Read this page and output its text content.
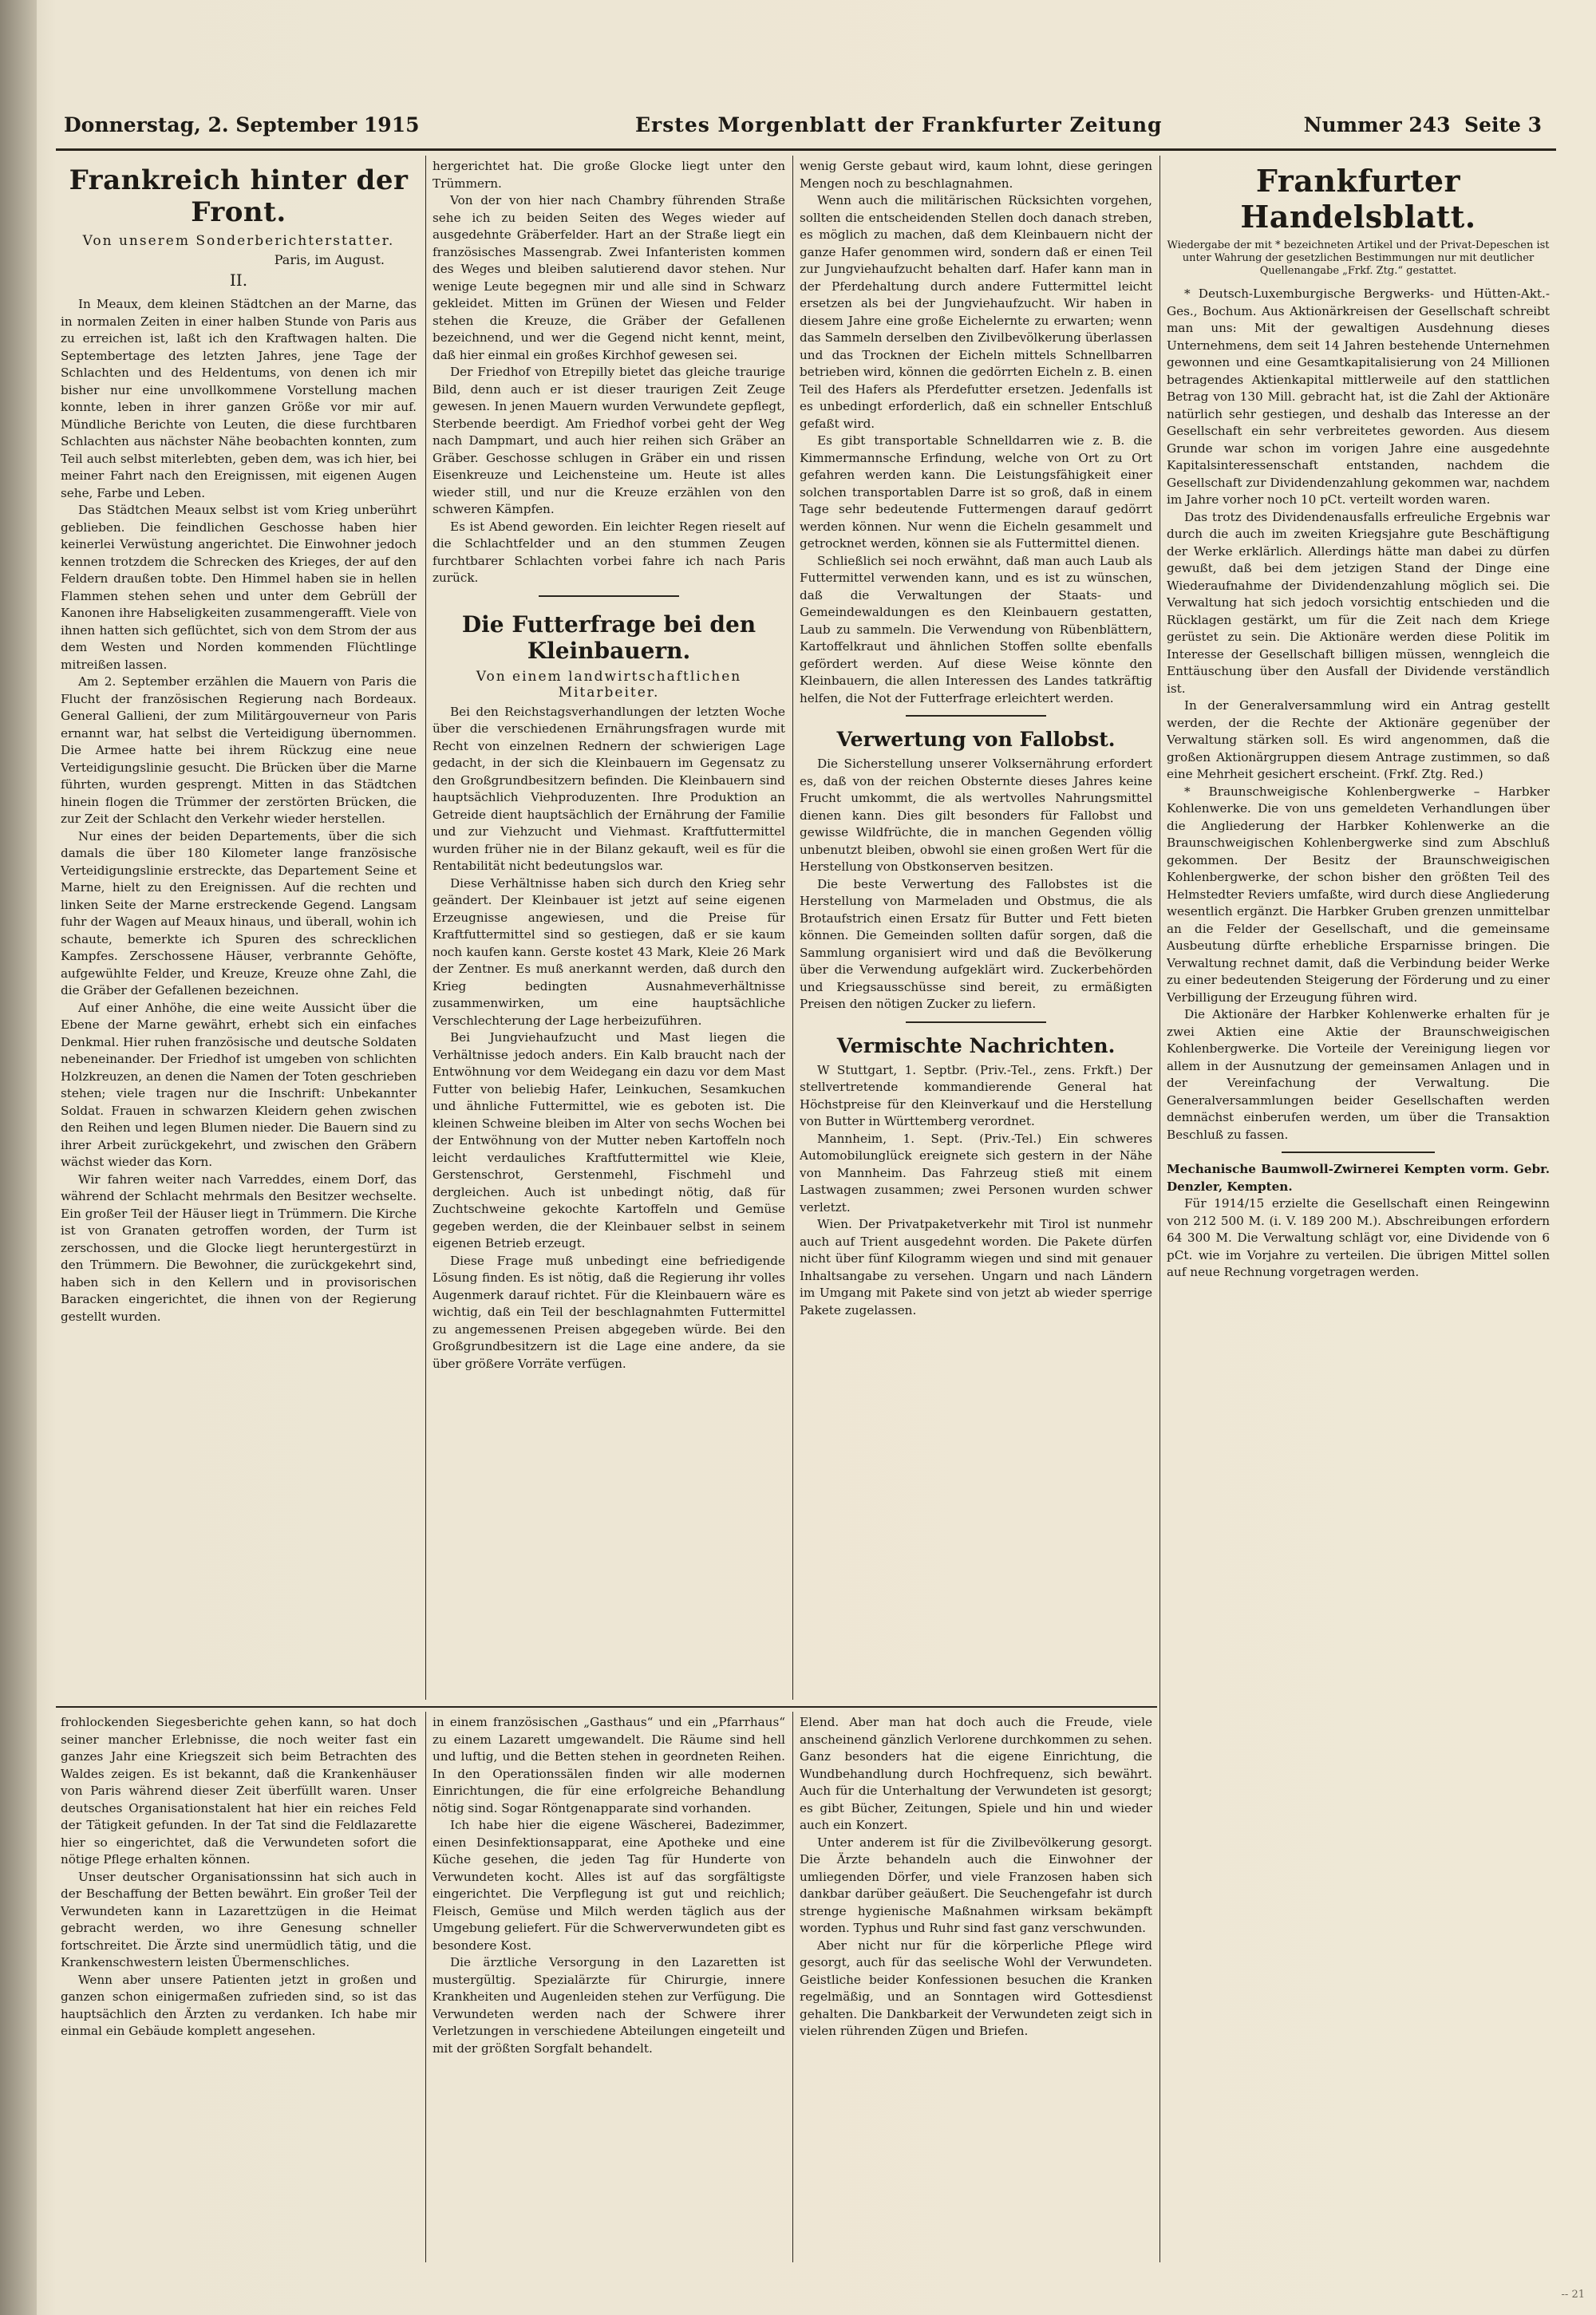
Donnerstag, 2. September 1915	Erstes Morgenblatt der Frankfurter Zeitung	Nummer 243 Seite 3
Frankreich hinter der Front.
Von unserem Sonderberichterstatter.
Paris, im August.
II.

In Meaux, dem kleinen Städtchen an der Marne, das in normalen Zeiten in einer halben Stunde von Paris aus zu erreichen ist, laßt ich den Kraftwagen halten. Die Septembertage des letzten Jahres, jene Tage der Schlachten und des Heldentums, von denen ich mir bisher nur eine unvollkommene Vorstellung machen konnte, leben in ihrer ganzen Größe vor mir auf. Mündliche Berichte von Leuten, die diese furchtbaren Schlachten aus nächster Nähe beobachten konnten, zum Teil auch selbst miterlebten, geben dem, was ich hier, bei meiner Fahrt nach den Ereignissen, mit eigenen Augen sehe, Farbe und Leben.

Das Städtchen Meaux selbst ist vom Krieg unberührt geblieben. Die feindlichen Geschosse haben hier keinerlei Verwüstung angerichtet. Die Einwohner jedoch kennen trotzdem die Schrecken des Krieges, der auf den Feldern draußen tobte. Den Himmel haben sie in hellen Flammen stehen sehen und unter dem Gebrüll der Kanonen ihre Habseligkeiten zusammengerafft. Viele von ihnen hatten sich geflüchtet, sich von dem Strom der aus dem Westen und Norden kommenden Flüchtlinge mitreißen lassen.

Am 2. September erzählen die Mauern von Paris die Flucht der französischen Regierung nach Bordeaux. General Gallieni, der zum Militärgouverneur von Paris ernannt war, hat selbst die Verteidigung übernommen. Die Armee hatte bei ihrem Rückzug eine neue Verteidigungslinie gesucht. Die Brücken über die Marne führten, wurden gesprengt. Mitten in das Städtchen hinein flogen die Trümmer der zerstörten Brücken, die zur Zeit der Schlacht den Verkehr wieder herstellen.

Nur eines der beiden Departements, über die sich damals die über 180 Kilometer lange französische Verteidigungslinie erstreckte, das Departement Seine et Marne, hielt zu den Ereignissen. Auf die rechten und linken Seite der Marne erstreckende Gegend. Langsam fuhr der Wagen auf Meaux hinaus, und überall, wohin ich schaute, bemerkte ich Spuren des schrecklichen Kampfes. Zerschossene Häuser, verbrannte Gehöfte, aufgewühlte Felder, und Kreuze, Kreuze ohne Zahl, die die Gräber der Gefallenen bezeichnen.

Auf einer Anhöhe, die eine weite Aussicht über die Ebene der Marne gewährt, erhebt sich ein einfaches Denkmal. Hier ruhen französische und deutsche Soldaten nebeneinander. Der Friedhof ist umgeben von schlichten Holzkreuzen, an denen die Namen der Toten geschrieben stehen; viele tragen nur die Inschrift: Unbekannter Soldat. Frauen in schwarzen Kleidern gehen zwischen den Reihen und legen Blumen nieder. Die Bauern sind zu ihrer Arbeit zurückgekehrt, und zwischen den Gräbern wächst wieder das Korn.

Wir fahren weiter nach Varreddes, einem Dorf, das während der Schlacht mehrmals den Besitzer wechselte. Ein großer Teil der Häuser liegt in Trümmern. Die Kirche ist von Granaten getroffen worden, der Turm ist zerschossen, und die Glocke liegt heruntergestürzt in den Trümmern. Die Bewohner, die zurückgekehrt sind, haben sich in den Kellern und in provisorischen Baracken eingerichtet, die ihnen von der Regierung gestellt wurden.

hergerichtet hat. Die große Glocke liegt unter den Trümmern.

Von der von hier nach Chambry führenden Straße sehe ich zu beiden Seiten des Weges wieder auf ausgedehnte Gräberfelder. Hart an der Straße liegt ein französisches Massengrab. Zwei Infanteristen kommen des Weges und bleiben salutierend davor stehen. Nur wenige Leute begegnen mir und alle sind in Schwarz gekleidet. Mitten im Grünen der Wiesen und Felder stehen die Kreuze, die Gräber der Gefallenen bezeichnend, und wer die Gegend nicht kennt, meint, daß hier einmal ein großes Kirchhof gewesen sei.

Der Friedhof von Etrepilly bietet das gleiche traurige Bild, denn auch er ist dieser traurigen Zeit Zeuge gewesen. In jenen Mauern wurden Verwundete gepflegt, Sterbende beerdigt. Am Friedhof vorbei geht der Weg nach Dampmart, und auch hier reihen sich Gräber an Gräber. Geschosse schlugen in Gräber ein und rissen Eisenkreuze und Leichensteine um. Heute ist alles wieder still, und nur die Kreuze erzählen von den schweren Kämpfen.

Es ist Abend geworden. Ein leichter Regen rieselt auf die Schlachtfelder und an den stummen Zeugen furchtbarer Schlachten vorbei fahre ich nach Paris zurück.

Die Futterfrage bei den Kleinbauern.
Von einem landwirtschaftlichen Mitarbeiter.

Bei den Reichstagsverhandlungen der letzten Woche über die verschiedenen Ernährungsfragen wurde mit Recht von einzelnen Rednern der schwierigen Lage gedacht, in der sich die Kleinbauern im Gegensatz zu den Großgrundbesitzern befinden. Die Kleinbauern sind hauptsächlich Viehproduzenten. Ihre Produktion an Getreide dient hauptsächlich der Ernährung der Familie und zur Viehzucht und Viehmast. Kraftfuttermittel wurden früher nie in der Bilanz gekauft, weil es für die Rentabilität nicht bedeutungslos war.

Diese Verhältnisse haben sich durch den Krieg sehr geändert. Der Kleinbauer ist jetzt auf seine eigenen Erzeugnisse angewiesen, und die Preise für Kraftfuttermittel sind so gestiegen, daß er sie kaum noch kaufen kann. Gerste kostet 43 Mark, Kleie 26 Mark der Zentner. Es muß anerkannt werden, daß durch den Krieg bedingten Ausnahmeverhältnisse zusammenwirken, um eine hauptsächliche Verschlechterung der Lage herbeizuführen.

Bei Jungviehaufzucht und Mast liegen die Verhältnisse jedoch anders. Ein Kalb braucht nach der Entwöhnung vor dem Weidegang ein dazu vor dem Mast Futter von beliebig Hafer, Leinkuchen, Sesamkuchen und ähnliche Futtermittel, wie es geboten ist. Die kleinen Schweine bleiben im Alter von sechs Wochen bei der Entwöhnung von der Mutter neben Kartoffeln noch leicht verdauliches Kraftfuttermittel wie Kleie, Gerstenschrot, Gerstenmehl, Fischmehl und dergleichen. Auch ist unbedingt nötig, daß für Zuchtschweine gekochte Kartoffeln und Gemüse gegeben werden, die der Kleinbauer selbst in seinem eigenen Betrieb erzeugt.

Diese Frage muß unbedingt eine befriedigende Lösung finden. Es ist nötig, daß die Regierung ihr volles Augenmerk darauf richtet. Für die Kleinbauern wäre es wichtig, daß ein Teil der beschlagnahmten Futtermittel zu angemessenen Preisen abgegeben würde. Bei den Großgrundbesitzern ist die Lage eine andere, da sie über größere Vorräte verfügen.

wenig Gerste gebaut wird, kaum lohnt, diese geringen Mengen noch zu beschlagnahmen.

Wenn auch die militärischen Rücksichten vorgehen, sollten die entscheidenden Stellen doch danach streben, es möglich zu machen, daß dem Kleinbauern nicht der ganze Hafer genommen wird, sondern daß er einen Teil zur Jungviehaufzucht behalten darf. Hafer kann man in der Pferdehaltung durch andere Futtermittel leicht ersetzen als bei der Jungviehaufzucht. Wir haben in diesem Jahre eine große Eichelernte zu erwarten; wenn das Sammeln derselben den Zivilbevölkerung überlassen und das Trocknen der Eicheln mittels Schnellbarren betrieben wird, können die gedörrten Eicheln z. B. einen Teil des Hafers als Pferdefutter ersetzen. Jedenfalls ist es unbedingt erforderlich, daß ein schneller Entschluß gefaßt wird.

Es gibt transportable Schnelldarren wie z. B. die Kimmermannsche Erfindung, welche von Ort zu Ort gefahren werden kann. Die Leistungsfähigkeit einer solchen transportablen Darre ist so groß, daß in einem Tage sehr bedeutende Futtermengen darauf gedörrt werden können. Nur wenn die Eicheln gesammelt und getrocknet werden, können sie als Futtermittel dienen.

Schließlich sei noch erwähnt, daß man auch Laub als Futtermittel verwenden kann, und es ist zu wünschen, daß die Verwaltungen der Staats- und Gemeindewaldungen es den Kleinbauern gestatten, Laub zu sammeln. Die Verwendung von Rübenblättern, Kartoffelkraut und ähnlichen Stoffen sollte ebenfalls gefördert werden. Auf diese Weise könnte den Kleinbauern, die allen Interessen des Landes tatkräftig helfen, die Not der Futterfrage erleichtert werden.

Verwertung von Fallobst.

Die Sicherstellung unserer Volksernährung erfordert es, daß von der reichen Obsternte dieses Jahres keine Frucht umkommt, die als wertvolles Nahrungsmittel dienen kann. Dies gilt besonders für Fallobst und gewisse Wildfrüchte, die in manchen Gegenden völlig unbenutzt bleiben, obwohl sie einen großen Wert für die Herstellung von Obstkonserven besitzen.

Die beste Verwertung des Fallobstes ist die Herstellung von Marmeladen und Obstmus, die als Brotaufstrich einen Ersatz für Butter und Fett bieten können. Die Gemeinden sollten dafür sorgen, daß die Sammlung organisiert wird und daß die Bevölkerung über die Verwendung aufgeklärt wird. Zuckerbehörden und Kriegsausschüsse sind bereit, zu ermäßigten Preisen den nötigen Zucker zu liefern.

Vermischte Nachrichten.

W Stuttgart, 1. Septbr. (Priv.-Tel., zens. Frkft.) Der stellvertretende kommandierende General hat Höchstpreise für den Kleinverkauf und die Herstellung von Butter in Württemberg verordnet.

Mannheim, 1. Sept. (Priv.-Tel.) Ein schweres Automobilunglück ereignete sich gestern in der Nähe von Mannheim. Das Fahrzeug stieß mit einem Lastwagen zusammen; zwei Personen wurden schwer verletzt.

Wien. Der Privatpaketverkehr mit Tirol ist nunmehr auch auf Trient ausgedehnt worden. Die Pakete dürfen nicht über fünf Kilogramm wiegen und sind mit genauer Inhaltsangabe zu versehen. Ungarn und nach Ländern im Umgang mit Pakete sind von jetzt ab wieder sperrige Pakete zugelassen.

Frankfurter Handelsblatt.
Wiedergabe der mit * bezeichneten Artikel und der Privat-Depeschen ist unter Wahrung der gesetzlichen Bestimmungen nur mit deutlicher Quellenangabe „Frkf. Ztg.“ gestattet.

* Deutsch-Luxemburgische Bergwerks- und Hütten-Akt.-Ges., Bochum. Aus Aktionärkreisen der Gesellschaft schreibt man uns: Mit der gewaltigen Ausdehnung dieses Unternehmens, dem seit 14 Jahren bestehende Unternehmen gewonnen und eine Gesamtkapitalisierung von 24 Millionen betragendes Aktienkapital mittlerweile auf den stattlichen Betrag von 130 Mill. gebracht hat, ist die Zahl der Aktionäre natürlich sehr gestiegen, und deshalb das Interesse an der Gesellschaft ein sehr verbreitetes geworden. Aus diesem Grunde war schon im vorigen Jahre eine ausgedehnte Kapitalsinteressenschaft entstanden, nachdem die Gesellschaft zur Dividendenzahlung gekommen war, nachdem im Jahre vorher noch 10 pCt. verteilt worden waren.

Das trotz des Dividendenausfalls erfreuliche Ergebnis war durch die auch im zweiten Kriegsjahre gute Beschäftigung der Werke erklärlich. Allerdings hätte man dabei zu dürfen gewußt, daß bei dem jetzigen Stand der Dinge eine Wiederaufnahme der Dividendenzahlung möglich sei. Die Verwaltung hat sich jedoch vorsichtig entschieden und die Rücklagen gestärkt, um für die Zeit nach dem Kriege gerüstet zu sein. Die Aktionäre werden diese Politik im Interesse der Gesellschaft billigen müssen, wenngleich die Enttäuschung über den Ausfall der Dividende verständlich ist.

In der Generalversammlung wird ein Antrag gestellt werden, der die Rechte der Aktionäre gegenüber der Verwaltung stärken soll. Es wird angenommen, daß die großen Aktionärgruppen diesem Antrage zustimmen, so daß eine Mehrheit gesichert erscheint. (Frkf. Ztg. Red.)

* Braunschweigische Kohlenbergwerke – Harbker Kohlenwerke. Die von uns gemeldeten Verhandlungen über die Angliederung der Harbker Kohlenwerke an die Braunschweigischen Kohlenbergwerke sind zum Abschluß gekommen. Der Besitz der Braunschweigischen Kohlenbergwerke, der schon bisher den größten Teil des Helmstedter Reviers umfaßte, wird durch diese Angliederung wesentlich ergänzt. Die Harbker Gruben grenzen unmittelbar an die Felder der Gesellschaft, und die gemeinsame Ausbeutung dürfte erhebliche Ersparnisse bringen. Die Verwaltung rechnet damit, daß die Verbindung beider Werke zu einer bedeutenden Steigerung der Förderung und zu einer Verbilligung der Erzeugung führen wird.

Die Aktionäre der Harbker Kohlenwerke erhalten für je zwei Aktien eine Aktie der Braunschweigischen Kohlenbergwerke. Die Vorteile der Vereinigung liegen vor allem in der Ausnutzung der gemeinsamen Anlagen und in der Vereinfachung der Verwaltung. Die Generalversammlungen beider Gesellschaften werden demnächst einberufen werden, um über die Transaktion Beschluß zu fassen.

Mechanische Baumwoll-Zwirnerei Kempten vorm. Gebr. Denzler, Kempten.

Für 1914/15 erzielte die Gesellschaft einen Reingewinn von 212 500 M. (i. V. 189 200 M.). Abschreibungen erfordern 64 300 M. Die Verwaltung schlägt vor, eine Dividende von 6 pCt. wie im Vorjahre zu verteilen. Die übrigen Mittel sollen auf neue Rechnung vorgetragen werden.

frohlockenden Siegesberichte gehen kann, so hat doch seiner mancher Erlebnisse, die noch weiter fast ein ganzes Jahr eine Kriegszeit sich beim Betrachten des Waldes zeigen. Es ist bekannt, daß die Krankenhäuser von Paris während dieser Zeit überfüllt waren. Unser deutsches Organisationstalent hat hier ein reiches Feld der Tätigkeit gefunden. In der Tat sind die Feldlazarette hier so eingerichtet, daß die Verwundeten sofort die nötige Pflege erhalten können.

Unser deutscher Organisationssinn hat sich auch in der Beschaffung der Betten bewährt. Ein großer Teil der Verwundeten kann in Lazarettzügen in die Heimat gebracht werden, wo ihre Genesung schneller fortschreitet. Die Ärzte sind unermüdlich tätig, und die Krankenschwestern leisten Übermenschliches.

Wenn aber unsere Patienten jetzt in großen und ganzen schon einigermaßen zufrieden sind, so ist das hauptsächlich den Ärzten zu verdanken. Ich habe mir einmal ein Gebäude komplett angesehen.

in einem französischen „Gasthaus“ und ein „Pfarrhaus“ zu einem Lazarett umgewandelt. Die Räume sind hell und luftig, und die Betten stehen in geordneten Reihen. In den Operationssälen finden wir alle modernen Einrichtungen, die für eine erfolgreiche Behandlung nötig sind. Sogar Röntgenapparate sind vorhanden.

Ich habe hier die eigene Wäscherei, Badezimmer, einen Desinfektionsapparat, eine Apotheke und eine Küche gesehen, die jeden Tag für Hunderte von Verwundeten kocht. Alles ist auf das sorgfältigste eingerichtet. Die Verpflegung ist gut und reichlich; Fleisch, Gemüse und Milch werden täglich aus der Umgebung geliefert. Für die Schwerverwundeten gibt es besondere Kost.

Die ärztliche Versorgung in den Lazaretten ist mustergültig. Spezialärzte für Chirurgie, innere Krankheiten und Augenleiden stehen zur Verfügung. Die Verwundeten werden nach der Schwere ihrer Verletzungen in verschiedene Abteilungen eingeteilt und mit der größten Sorgfalt behandelt.

Elend. Aber man hat doch auch die Freude, viele anscheinend gänzlich Verlorene durchkommen zu sehen. Ganz besonders hat die eigene Einrichtung, die Wundbehandlung durch Hochfrequenz, sich bewährt. Auch für die Unterhaltung der Verwundeten ist gesorgt; es gibt Bücher, Zeitungen, Spiele und hin und wieder auch ein Konzert.

Unter anderem ist für die Zivilbevölkerung gesorgt. Die Ärzte behandeln auch die Einwohner der umliegenden Dörfer, und viele Franzosen haben sich dankbar darüber geäußert. Die Seuchengefahr ist durch strenge hygienische Maßnahmen wirksam bekämpft worden. Typhus und Ruhr sind fast ganz verschwunden.

Aber nicht nur für die körperliche Pflege wird gesorgt, auch für das seelische Wohl der Verwundeten. Geistliche beider Konfessionen besuchen die Kranken regelmäßig, und an Sonntagen wird Gottesdienst gehalten. Die Dankbarkeit der Verwundeten zeigt sich in vielen rührenden Zügen und Briefen.

-- 21
